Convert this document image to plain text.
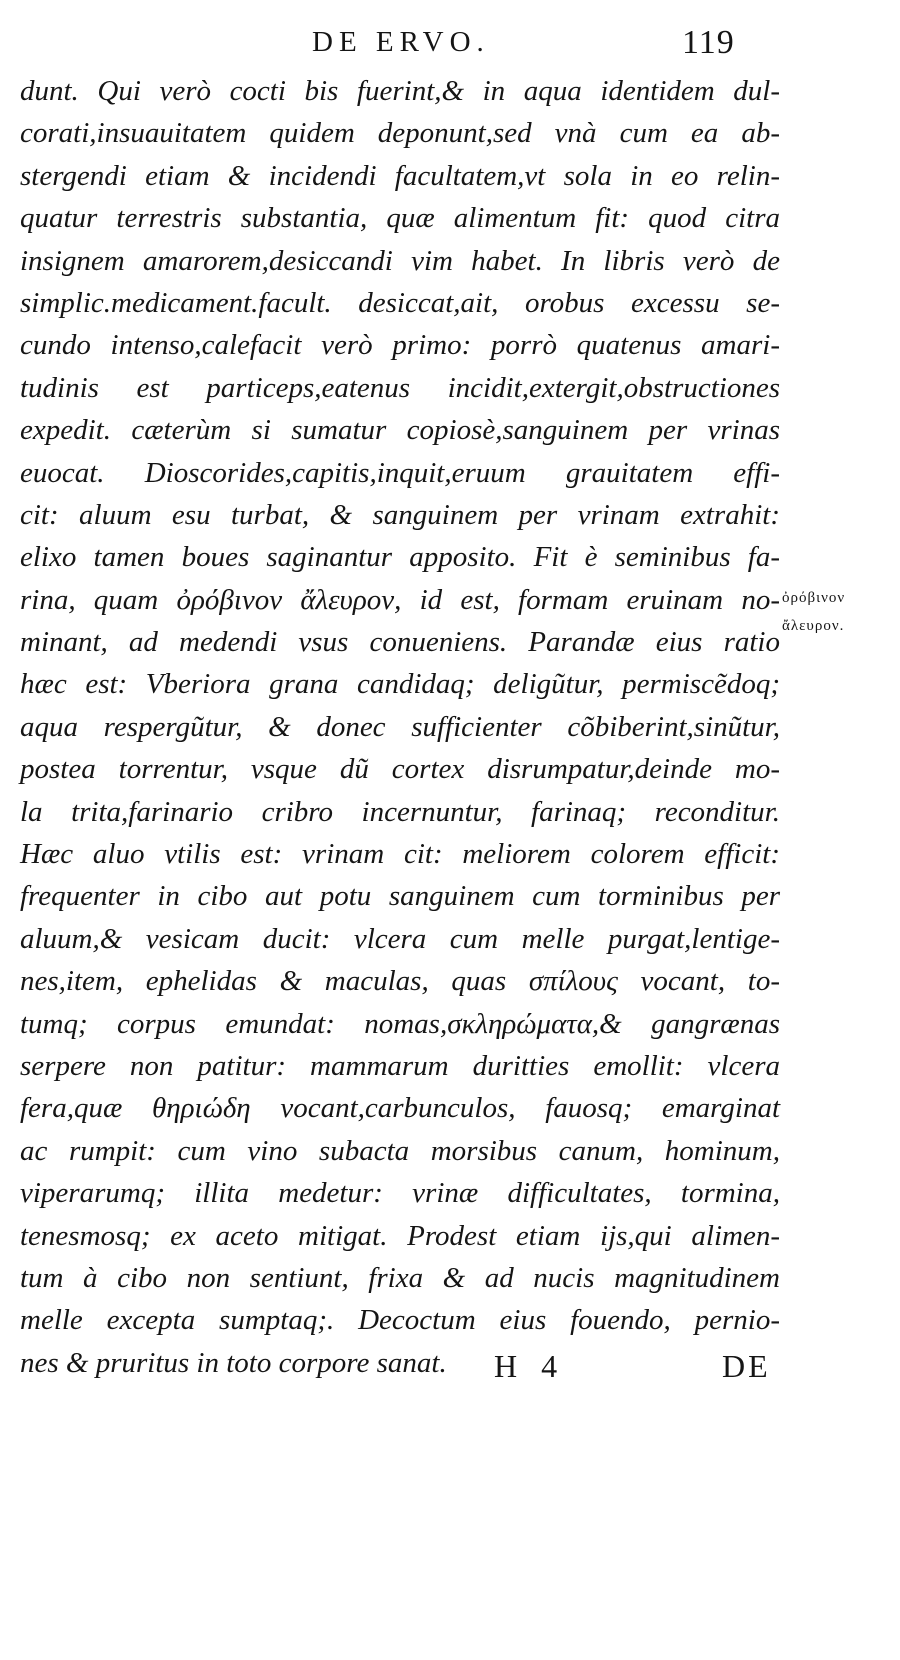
DE ERVO.	119
dunt. Qui verò cocti bis fuerint,& in aqua identidem dul-
corati,insuauitatem quidem deponunt,sed vnà cum ea ab-
stergendi etiam & incidendi facultatem,vt sola in eo relin-
quatur terrestris substantia, quæ alimentum fit: quod citra
insignem amarorem,desiccandi vim habet. In libris verò de
simplic.medicament.facult. desiccat,ait, orobus excessu se-
cundo intenso,calefacit verò primo: porrò quatenus amari-
tudinis est particeps,eatenus incidit,extergit,obstructiones
expedit. cæterùm si sumatur copiosè,sanguinem per vrinas
euocat. Dioscorides,capitis,inquit,eruum grauitatem effi-
cit: aluum esu turbat, & sanguinem per vrinam extrahit:
elixo tamen boues saginantur apposito. Fit è seminibus fa-
rina, quam ὀρόβινον ἄλευρον, id est, formam eruinam no-
minant, ad medendi vsus conueniens. Parandæ eius ratio
hæc est: Vberiora grana candidaq; deligũtur, permiscẽdoq;
aqua respergũtur, & donec sufficienter cõbiberint,sinũtur,
postea torrentur, vsque dũ cortex disrumpatur,deinde mo-
la trita,farinario cribro incernuntur, farinaq; reconditur.
Hæc aluo vtilis est: vrinam cit: meliorem colorem efficit:
frequenter in cibo aut potu sanguinem cum torminibus per
aluum,& vesicam ducit: vlcera cum melle purgat,lentige-
nes,item, ephelidas & maculas, quas σπίλους vocant, to-
tumq; corpus emundat: nomas,σκληρώματα,& gangrænas
serpere non patitur: mammarum duritties emollit: vlcera
fera,quæ θηριώδη vocant,carbunculos, fauosq; emarginat
ac rumpit: cum vino subacta morsibus canum, hominum,
viperarumq; illita medetur: vrinæ difficultates, tormina,
tenesmosq; ex aceto mitigat. Prodest etiam ijs,qui alimen-
tum à cibo non sentiunt, frixa & ad nucis magnitudinem
melle excepta sumptaq;. Decoctum eius fouendo, pernio-
nes & pruritus in toto corpore sanat.
ὀρόβινον
ἄλευρον.
H 4	DE
